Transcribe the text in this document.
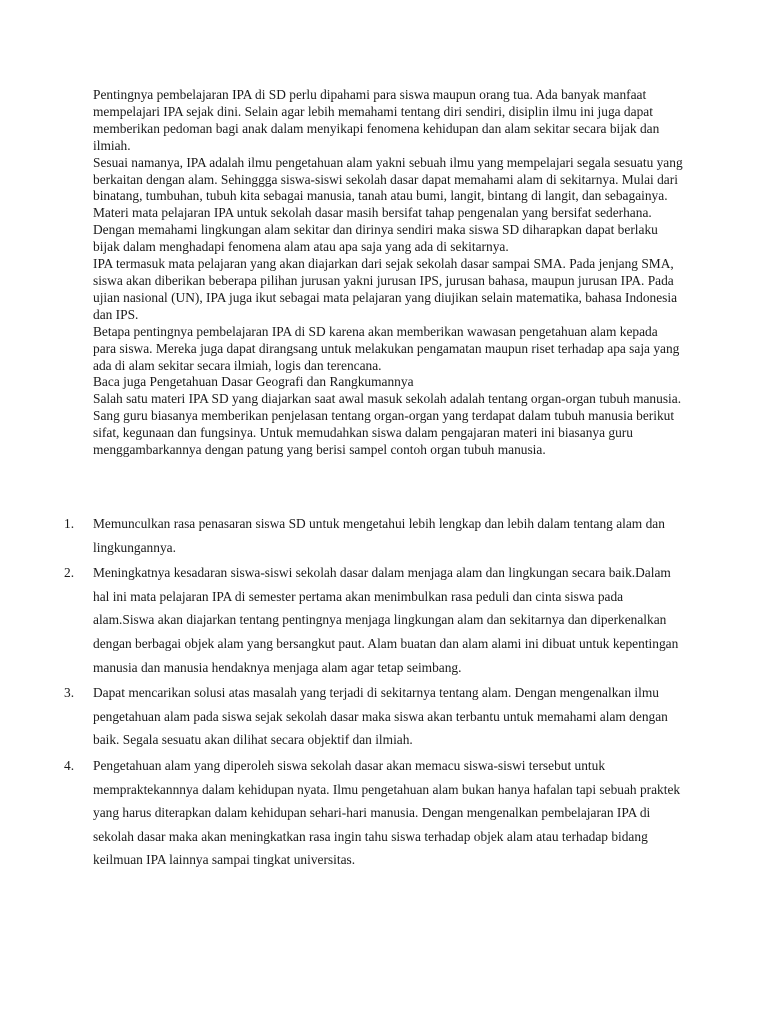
Pentingnya pembelajaran IPA di SD perlu dipahami para siswa maupun orang tua. Ada banyak manfaat mempelajari IPA sejak dini. Selain agar lebih memahami tentang diri sendiri, disiplin ilmu ini juga dapat memberikan pedoman bagi anak dalam menyikapi fenomena kehidupan dan alam sekitar secara bijak dan ilmiah.

Sesuai namanya, IPA adalah ilmu pengetahuan alam yakni sebuah ilmu yang mempelajari segala sesuatu yang berkaitan dengan alam. Sehinggga siswa-siswi sekolah dasar dapat memahami alam di sekitarnya. Mulai dari binatang, tumbuhan, tubuh kita sebagai manusia, tanah atau bumi, langit, bintang di langit, dan sebagainya.

Materi mata pelajaran IPA untuk sekolah dasar masih bersifat tahap pengenalan yang bersifat sederhana. Dengan memahami lingkungan alam sekitar dan dirinya sendiri maka siswa SD diharapkan dapat berlaku bijak dalam menghadapi fenomena alam atau apa saja yang ada di sekitarnya.

IPA termasuk mata pelajaran yang akan diajarkan dari sejak sekolah dasar sampai SMA. Pada jenjang SMA, siswa akan diberikan beberapa pilihan jurusan yakni jurusan IPS, jurusan bahasa, maupun jurusan IPA. Pada ujian nasional (UN), IPA juga ikut sebagai mata pelajaran yang diujikan selain matematika, bahasa Indonesia dan IPS.

Betapa pentingnya pembelajaran IPA di SD karena akan memberikan wawasan pengetahuan alam kepada para siswa. Mereka juga dapat dirangsang untuk melakukan pengamatan maupun riset terhadap apa saja yang ada di alam sekitar secara ilmiah, logis dan terencana.

Baca juga Pengetahuan Dasar Geografi dan Rangkumannya

Salah satu materi IPA SD yang diajarkan saat awal masuk sekolah adalah tentang organ-organ tubuh manusia. Sang guru biasanya memberikan penjelasan tentang organ-organ yang terdapat dalam tubuh manusia berikut sifat, kegunaan dan fungsinya. Untuk memudahkan siswa dalam pengajaran materi ini biasanya guru menggambarkannya dengan patung yang berisi sampel contoh organ tubuh manusia.

1. Memunculkan rasa penasaran siswa SD untuk mengetahui lebih lengkap dan lebih dalam tentang alam dan lingkungannya.
2. Meningkatnya kesadaran siswa-siswi sekolah dasar dalam menjaga alam dan lingkungan secara baik.Dalam hal ini mata pelajaran IPA di semester pertama akan menimbulkan rasa peduli dan cinta siswa pada alam.Siswa akan diajarkan tentang pentingnya menjaga lingkungan alam dan sekitarnya dan diperkenalkan dengan berbagai objek alam yang bersangkut paut. Alam buatan dan alam alami ini dibuat untuk kepentingan manusia dan manusia hendaknya menjaga alam agar tetap seimbang.
3. Dapat mencarikan solusi atas masalah yang terjadi di sekitarnya tentang alam. Dengan mengenalkan ilmu pengetahuan alam pada siswa sejak sekolah dasar maka siswa akan terbantu untuk memahami alam dengan baik. Segala sesuatu akan dilihat secara objektif dan ilmiah.
4. Pengetahuan alam yang diperoleh siswa sekolah dasar akan memacu siswa-siswi tersebut untuk mempraktekannnya dalam kehidupan nyata. Ilmu pengetahuan alam bukan hanya hafalan tapi sebuah praktek yang harus diterapkan dalam kehidupan sehari-hari manusia. Dengan mengenalkan pembelajaran IPA di sekolah dasar maka akan meningkatkan rasa ingin tahu siswa terhadap objek alam atau terhadap bidang keilmuan IPA lainnya sampai tingkat universitas.
